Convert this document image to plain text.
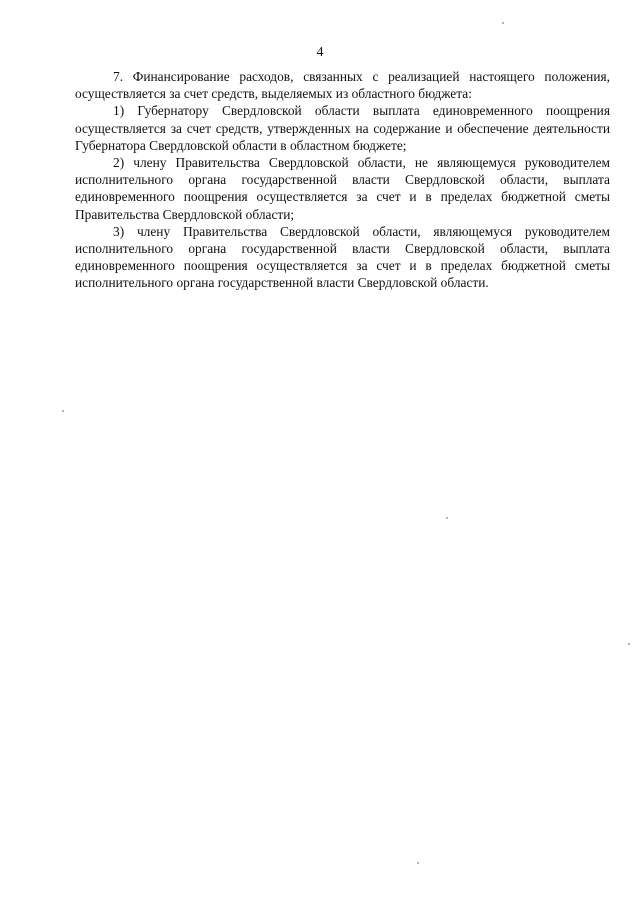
4

7. Финансирование расходов, связанных с реализацией настоящего положения, осуществляется за счет средств, выделяемых из областного бюджета:

1) Губернатору Свердловской области выплата единовременного поощрения осуществляется за счет средств, утвержденных на содержание и обеспечение деятельности Губернатора Свердловской области в областном бюджете;

2) члену Правительства Свердловской области, не являющемуся руководителем исполнительного органа государственной власти Свердловской области, выплата единовременного поощрения осуществляется за счет и в пределах бюджетной сметы Правительства Свердловской области;

3) члену Правительства Свердловской области, являющемуся руководителем исполнительного органа государственной власти Свердловской области, выплата единовременного поощрения осуществляется за счет и в пределах бюджетной сметы исполнительного органа государственной власти Свердловской области.
